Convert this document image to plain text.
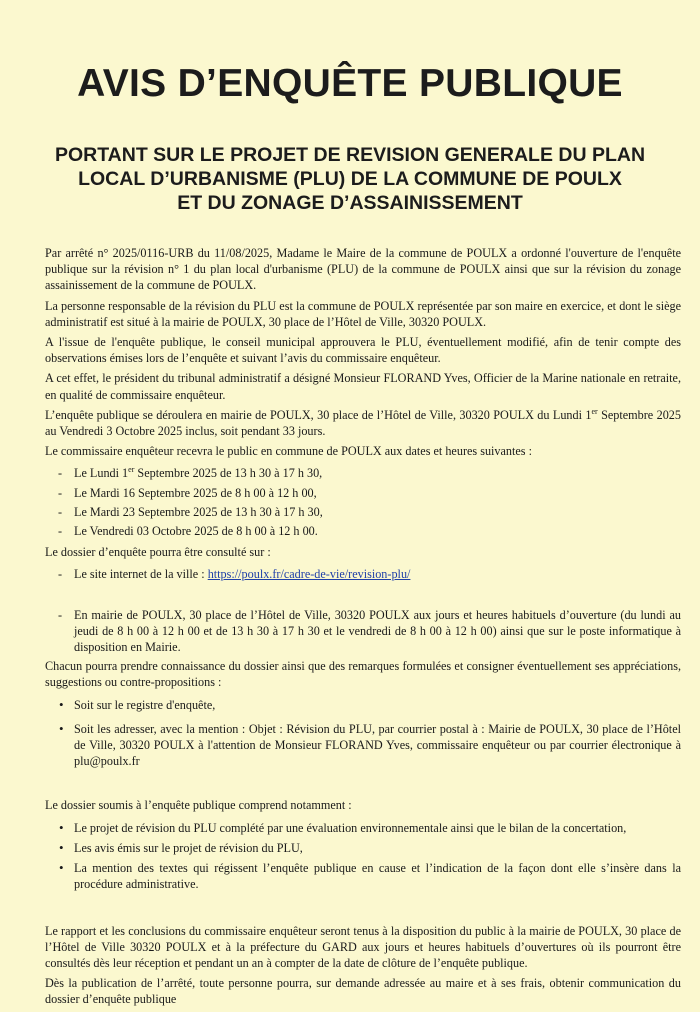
AVIS D’ENQUÊTE PUBLIQUE
PORTANT SUR LE PROJET DE REVISION GENERALE DU PLAN
LOCAL D’URBANISME (PLU) DE LA COMMUNE DE POULX
ET DU ZONAGE D’ASSAINISSEMENT

Par arrêté n° 2025/0116-URB du 11/08/2025, Madame le Maire de la commune de POULX a ordonné l'ouverture de l'enquête publique sur la révision n° 1 du plan local d'urbanisme (PLU) de la commune de POULX ainsi que sur la révision du zonage assainissement de la commune de POULX.

La personne responsable de la révision du PLU est la commune de POULX représentée par son maire en exercice, et dont le siège administratif est situé à la mairie de POULX, 30 place de l’Hôtel de Ville, 30320 POULX.

A l'issue de l'enquête publique, le conseil municipal approuvera le PLU, éventuellement modifié, afin de tenir compte des observations émises lors de l’enquête et suivant l’avis du commissaire enquêteur.

A cet effet, le président du tribunal administratif a désigné Monsieur FLORAND Yves, Officier de la Marine nationale en retraite, en qualité de commissaire enquêteur.

L’enquête publique se déroulera en mairie de POULX, 30 place de l’Hôtel de Ville, 30320 POULX du Lundi 1er Septembre 2025 au Vendredi 3 Octobre 2025 inclus, soit pendant 33 jours.

Le commissaire enquêteur recevra le public en commune de POULX aux dates et heures suivantes :

- Le Lundi 1er Septembre 2025 de 13 h 30 à 17 h 30,
- Le Mardi 16 Septembre 2025 de 8 h 00 à 12 h 00,
- Le Mardi 23 Septembre 2025 de 13 h 30 à 17 h 30,
- Le Vendredi 03 Octobre 2025 de 8 h 00 à 12 h 00.

Le dossier d’enquête pourra être consulté sur :

- Le site internet de la ville : https://poulx.fr/cadre-de-vie/revision-plu/
- En mairie de POULX, 30 place de l’Hôtel de Ville, 30320 POULX aux jours et heures habituels d’ouverture (du lundi au jeudi de 8 h 00 à 12 h 00 et de 13 h 30 à 17 h 30 et le vendredi de 8 h 00 à 12 h 00) ainsi que sur le poste informatique à disposition en Mairie.

Chacun pourra prendre connaissance du dossier ainsi que des remarques formulées et consigner éventuellement ses appréciations, suggestions ou contre-propositions :

• Soit sur le registre d'enquête,
• Soit les adresser, avec la mention : Objet : Révision du PLU, par courrier postal à : Mairie de POULX, 30 place de l’Hôtel de Ville, 30320 POULX à l'attention de Monsieur FLORAND Yves, commissaire enquêteur ou par courrier électronique à plu@poulx.fr

Le dossier soumis à l’enquête publique comprend notamment :

• Le projet de révision du PLU complété par une évaluation environnementale ainsi que le bilan de la concertation,
• Les avis émis sur le projet de révision du PLU,
• La mention des textes qui régissent l’enquête publique en cause et l’indication de la façon dont elle s’insère dans la procédure administrative.

Le rapport et les conclusions du commissaire enquêteur seront tenus à la disposition du public à la mairie de POULX, 30 place de l’Hôtel de Ville 30320 POULX et à la préfecture du GARD aux jours et heures habituels d’ouvertures où ils pourront être consultés dès leur réception et pendant un an à compter de la date de clôture de l’enquête publique.

Dès la publication de l’arrêté, toute personne pourra, sur demande adressée au maire et à ses frais, obtenir communication du dossier d’enquête publique
